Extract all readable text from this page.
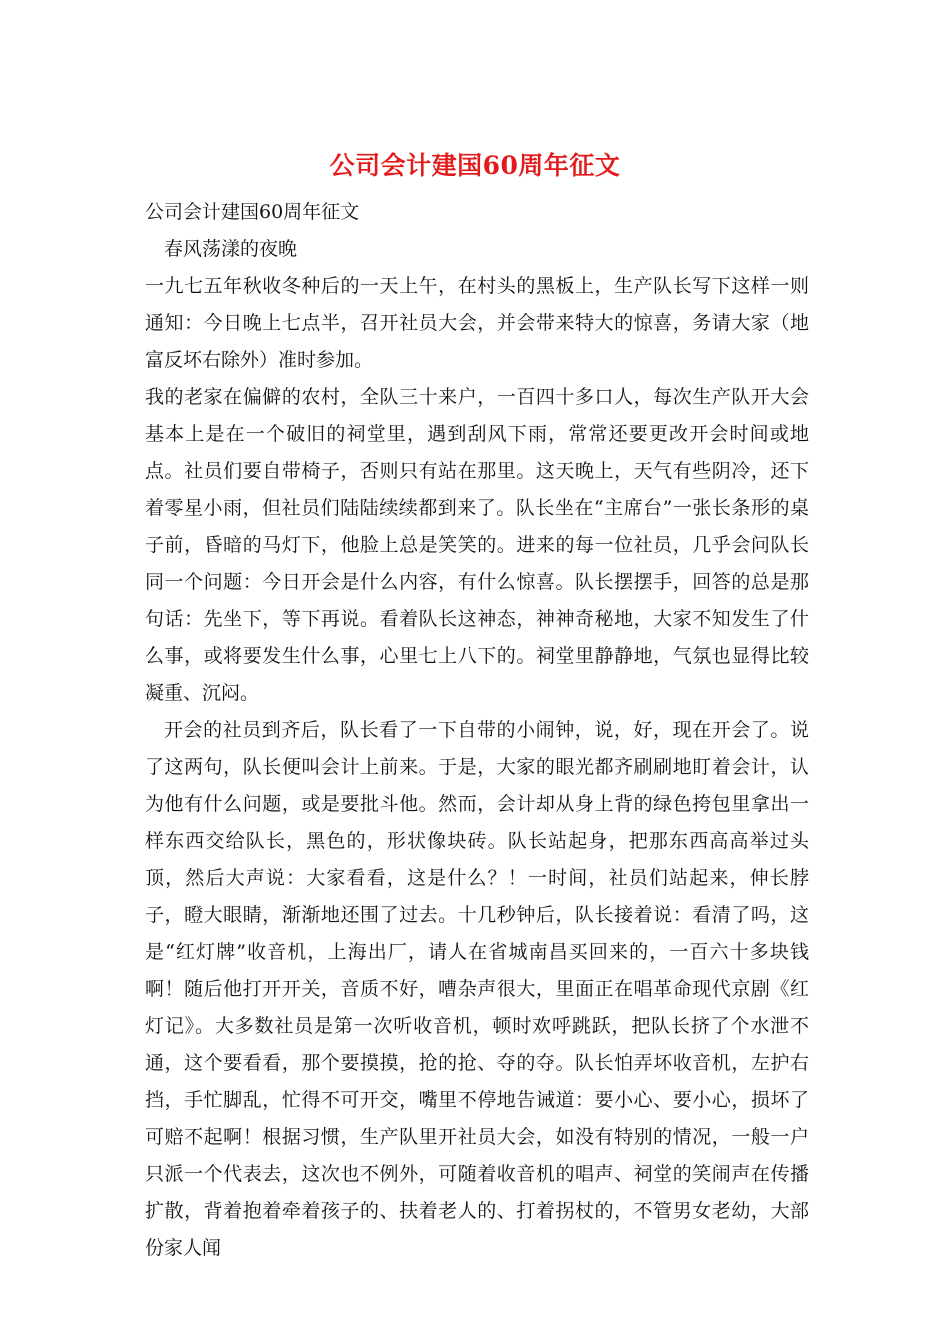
公司会计建国60周年征文

公司会计建国60周年征文

春风荡漾的夜晚

一九七五年秋收冬种后的一天上午，在村头的黑板上，生产队长写下这样一则通知：今日晚上七点半，召开社员大会，并会带来特大的惊喜，务请大家（地富反坏右除外）准时参加。

我的老家在偏僻的农村，全队三十来户，一百四十多口人，每次生产队开大会基本上是在一个破旧的祠堂里，遇到刮风下雨，常常还要更改开会时间或地点。社员们要自带椅子，否则只有站在那里。这天晚上，天气有些阴冷，还下着零星小雨，但社员们陆陆续续都到来了。队长坐在“主席台”一张长条形的桌子前，昏暗的马灯下，他脸上总是笑笑的。进来的每一位社员，几乎会问队长同一个问题：今日开会是什么内容，有什么惊喜。队长摆摆手，回答的总是那句话：先坐下，等下再说。看着队长这神态，神神奇秘地，大家不知发生了什么事，或将要发生什么事，心里七上八下的。祠堂里静静地，气氛也显得比较凝重、沉闷。

开会的社员到齐后，队长看了一下自带的小闹钟，说，好，现在开会了。说了这两句，队长便叫会计上前来。于是，大家的眼光都齐刷刷地盯着会计，认为他有什么问题，或是要批斗他。然而，会计却从身上背的绿色挎包里拿出一样东西交给队长，黑色的，形状像块砖。队长站起身，把那东西高高举过头顶，然后大声说：大家看看，这是什么？！一时间，社员们站起来，伸长脖子，瞪大眼睛，渐渐地还围了过去。十几秒钟后，队长接着说：看清了吗，这是“红灯牌”收音机，上海出厂，请人在省城南昌买回来的，一百六十多块钱啊！随后他打开开关，音质不好，嘈杂声很大，里面正在唱革命现代京剧《红灯记》。大多数社员是第一次听收音机，顿时欢呼跳跃，把队长挤了个水泄不通，这个要看看，那个要摸摸，抢的抢、夺的夺。队长怕弄坏收音机，左护右挡，手忙脚乱，忙得不可开交，嘴里不停地告诫道：要小心、要小心，损坏了可赔不起啊！根据习惯，生产队里开社员大会，如没有特别的情况，一般一户只派一个代表去，这次也不例外，可随着收音机的唱声、祠堂的笑闹声在传播扩散，背着抱着牵着孩子的、扶着老人的、打着拐杖的，不管男女老幼，大部份家人闻
